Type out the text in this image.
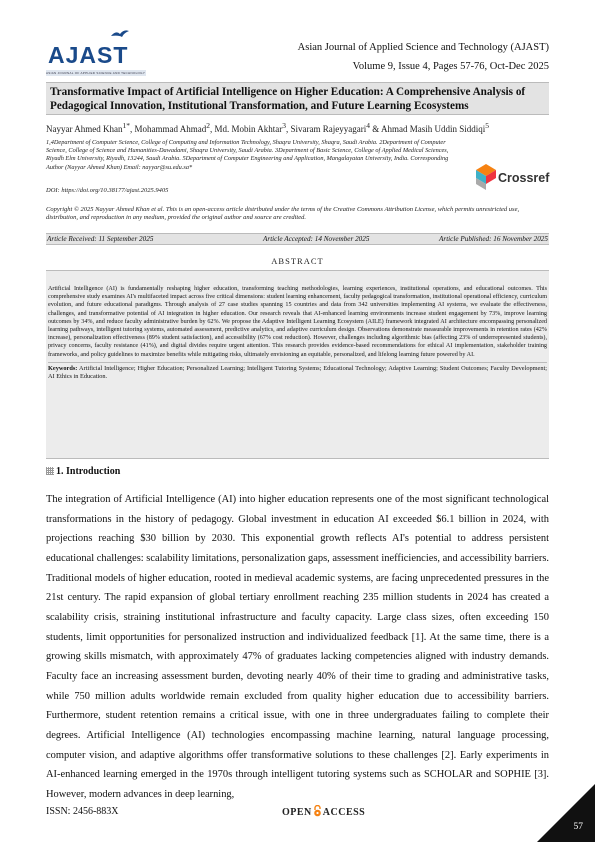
AJAST
ASIAN JOURNAL OF APPLIED SCIENCE AND TECHNOLOGY
Asian Journal of Applied Science and Technology (AJAST)
Volume 9, Issue 4, Pages 57-76, Oct-Dec 2025
Transformative Impact of Artificial Intelligence on Higher Education: A Comprehensive Analysis of Pedagogical Innovation, Institutional Transformation, and Future Learning Ecosystems
Nayyar Ahmed Khan$^{1*}$, Mohammad Ahmad$^2$, Md. Mobin Akhtar$^3$, Sivaram Rajeyyagari$^4$ & Ahmad Masih Uddin Siddiqi$^5$
1,4Department of Computer Science, College of Computing and Information Technology, Shaqra University, Shaqra, Saudi Arabia. 2Department of Computer Science, College of Science and Humanities-Dawadami, Shaqra University, Saudi Arabia. 3Department of Basic Science, College of Applied Medical Sciences, Riyadh Elm University, Riyadh, 13244, Saudi Arabia. 5Department of Computer Engineering and Application, Mangalayatan University, India. Corresponding Author (Nayyar Ahmed Khan) Email: nayyar@su.edu.sa*
Crossref
DOI: https://doi.org/10.38177/ajast.2025.9405
Copyright © 2025 Nayyar Ahmed Khan et al. This is an open-access article distributed under the terms of the Creative Commons Attribution License, which permits unrestricted use, distribution, and reproduction in any medium, provided the original author and source are credited.
Article Received: 11 September 2025	Article Accepted: 14 November 2025	Article Published: 16 November 2025
ABSTRACT
Artificial Intelligence (AI) is fundamentally reshaping higher education, transforming teaching methodologies, learning experiences, institutional operations, and educational outcomes. This comprehensive study examines AI's multifaceted impact across five critical dimensions: student learning enhancement, faculty pedagogical transformation, institutional operational efficiency, curriculum evolution, and future educational paradigms. Through analysis of 27 case studies spanning 15 countries and data from 342 universities implementing AI systems, we evaluate the effectiveness, challenges, and transformative potential of AI integration in higher education. Our research reveals that AI-enhanced learning environments increase student engagement by 73%, improve learning outcomes by 34%, and reduce faculty administrative burden by 62%. We propose the Adaptive Intelligent Learning Ecosystem (AILE) framework integrated AI architecture encompassing personalized learning pathways, intelligent tutoring systems, automated assessment, predictive analytics, and adaptive curriculum design. Observations demonstrate measurable improvements in retention rates (42% increase), personalization effectiveness (89% student satisfaction), and accessibility (67% cost reduction). However, challenges including algorithmic bias (affecting 23% of underrepresented students), privacy concerns, faculty resistance (41%), and digital divides require urgent attention. This research provides evidence-based recommendations for ethical AI implementation, stakeholder training frameworks, and policy guidelines to maximize benefits while mitigating risks, ultimately envisioning an equitable, personalized, and lifelong learning future powered by AI.
Keywords: Artificial Intelligence; Higher Education; Personalized Learning; Intelligent Tutoring Systems; Educational Technology; Adaptive Learning; Student Outcomes; Faculty Development; AI Ethics in Education.
1. Introduction
The integration of Artificial Intelligence (AI) into higher education represents one of the most significant technological transformations in the history of pedagogy. Global investment in education AI exceeded $6.1 billion in 2024, with projections reaching $30 billion by 2030. This exponential growth reflects AI's potential to address persistent educational challenges: scalability limitations, personalization gaps, assessment inefficiencies, and accessibility barriers. Traditional models of higher education, rooted in medieval academic systems, are facing unprecedented pressures in the 21st century. The rapid expansion of global tertiary enrollment reaching 235 million students in 2024 has created a scalability crisis, straining institutional infrastructure and faculty capacity. Large class sizes, often exceeding 150 students, limit opportunities for personalized instruction and individualized feedback [1]. At the same time, there is a growing skills mismatch, with approximately 47% of graduates lacking competencies aligned with industry demands. Faculty face an increasing assessment burden, devoting nearly 40% of their time to grading and administrative tasks, while 750 million adults worldwide remain excluded from quality higher education due to accessibility barriers. Furthermore, student retention remains a critical issue, with one in three undergraduates failing to complete their degrees. Artificial Intelligence (AI) technologies encompassing machine learning, natural language processing, computer vision, and adaptive algorithms offer transformative solutions to these challenges [2]. Early experiments in AI-enhanced learning emerged in the 1970s through intelligent tutoring systems such as SCHOLAR and SOPHIE [3]. However, modern advances in deep learning,
ISSN: 2456-883X	OPEN ACCESS
57
